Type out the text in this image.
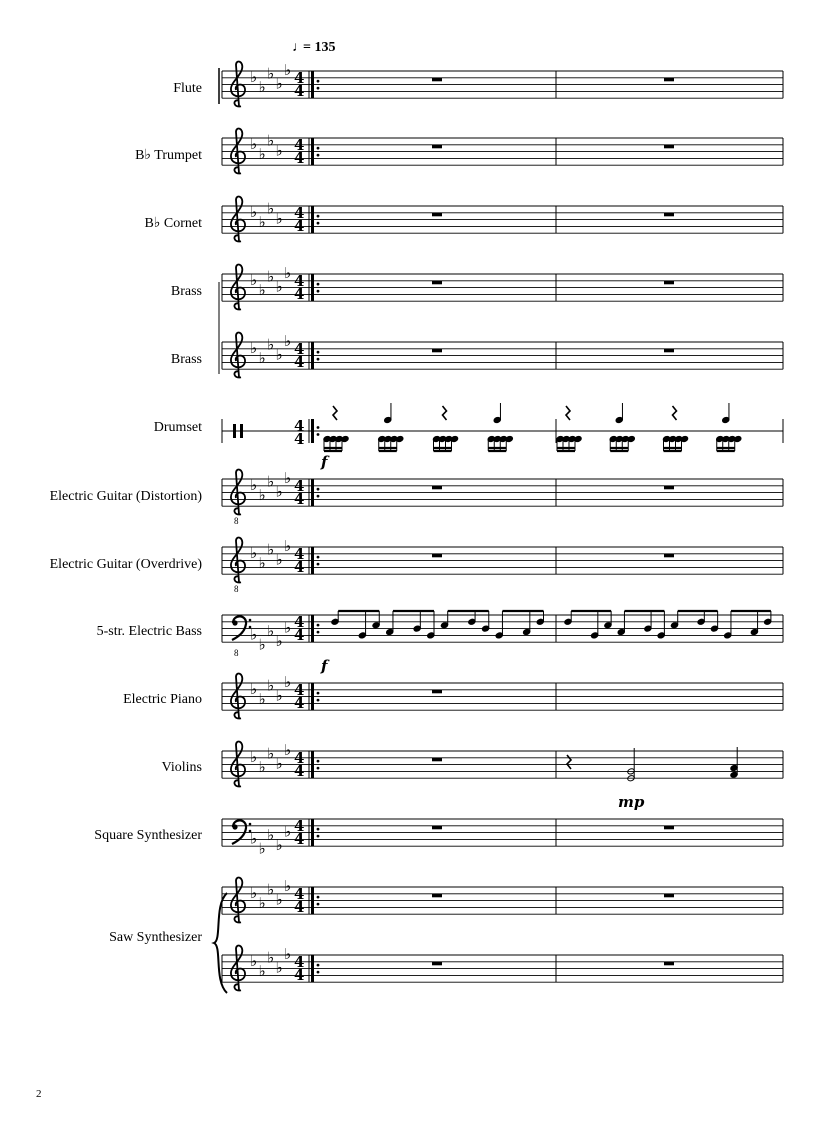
♩
= 135
Flute
♭
♭
♭
♭
♭ 4
4
B♭ Trumpet
♭
♭
♭
♭ 4
4
B♭ Cornet
♭
♭
♭
♭ 4
4
Brass
♭
♭
♭
♭
♭ 4
4
Brass
♭
♭
♭
♭
♭ 4
4
Drumset	4
4
f
Electric Guitar (Distortion)
8
♭
♭
♭
♭
♭ 4
4
Electric Guitar (Overdrive)
8
♭
♭
♭
♭
♭ 4
4
5-str. Electric Bass
8
♭
♭
♭
♭
♭ 4
4
f
Electric Piano
♭
♭
♭
♭
♭ 4
4
Violins
♭
♭
♭
♭
♭ 4
4
mp
Square Synthesizer	♭
♭
♭
♭
♭ 4
4
Saw Synthesizer
♭
♭
♭
♭
♭ 4
4
♭
♭
♭
♭
♭ 4
4
2
